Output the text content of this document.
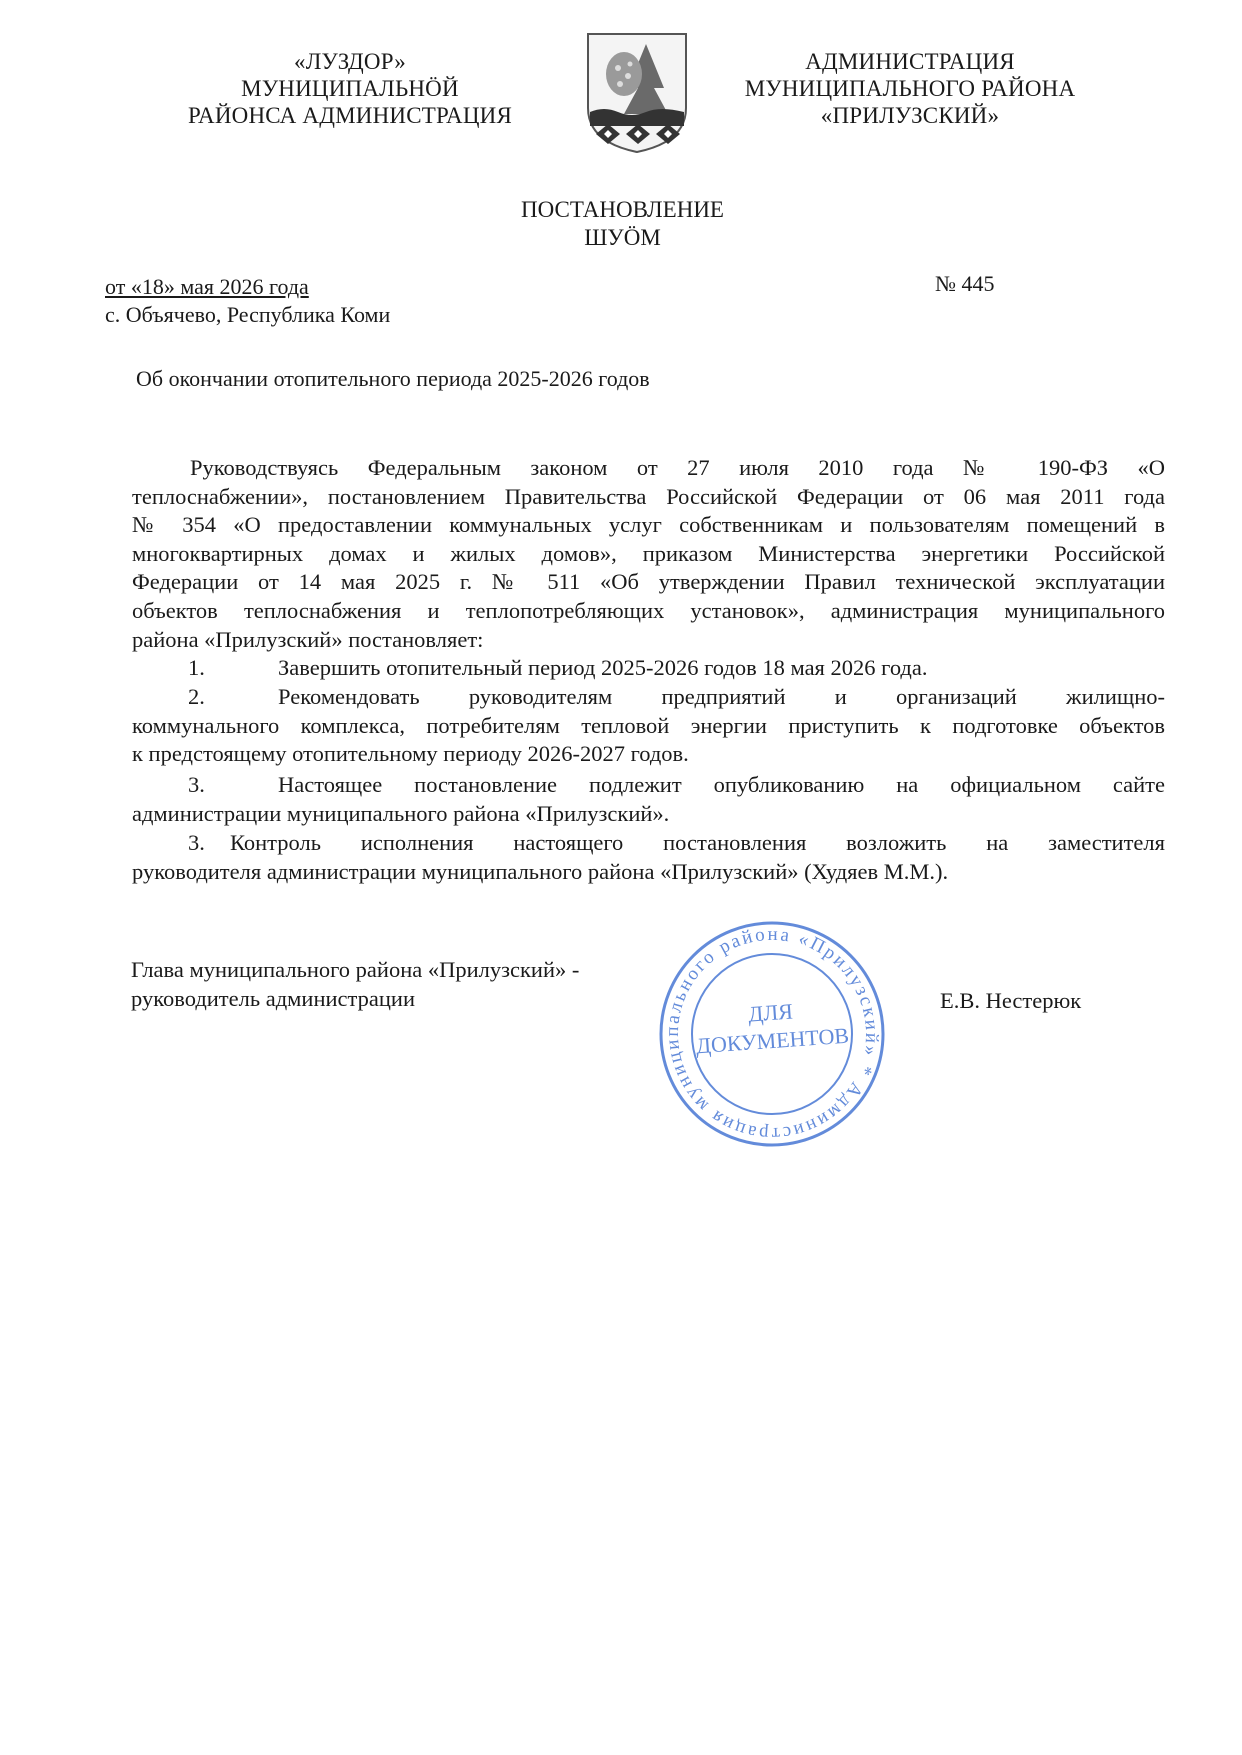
«ЛУЗДОР»
МУНИЦИПАЛЬНÖЙ
РАЙОНСА АДМИНИСТРАЦИЯ
АДМИНИСТРАЦИЯ
МУНИЦИПАЛЬНОГО РАЙОНА
«ПРИЛУЗСКИЙ»
ПОСТАНОВЛЕНИЕ
ШУÖМ
от «18» мая 2026 года
с. Объячево, Республика Коми
№ 445
Об окончании отопительного периода 2025-2026 годов
Руководствуясь Федеральным законом от 27 июля 2010 года № 190-ФЗ «О
теплоснабжении», постановлением Правительства Российской Федерации от 06 мая 2011 года
№ 354 «О предоставлении коммунальных услуг собственникам и пользователям помещений в
многоквартирных домах и жилых домов», приказом Министерства энергетики Российской
Федерации от 14 мая 2025 г. № 511 «Об утверждении Правил технической эксплуатации
объектов теплоснабжения и теплопотребляющих установок», администрация муниципального
района «Прилузский» постановляет:
1.	Завершить отопительный период 2025-2026 годов 18 мая 2026 года.
2.	Рекомендовать руководителям предприятий и организаций жилищно-
коммунального комплекса, потребителям тепловой энергии приступить к подготовке объектов
к предстоящему отопительному периоду 2026-2027 годов.
3.	Настоящее постановление подлежит опубликованию на официальном сайте
администрации муниципального района «Прилузский».
3.	Контроль исполнения настоящего постановления возложить на заместителя
руководителя администрации муниципального района «Прилузский» (Худяев М.М.).
Глава муниципального района «Прилузский» -
руководитель администрации
Администрация муниципального района «Прилузский» *
ДЛЯ
ДОКУМЕНТОВ
Е.В. Нестерюк
